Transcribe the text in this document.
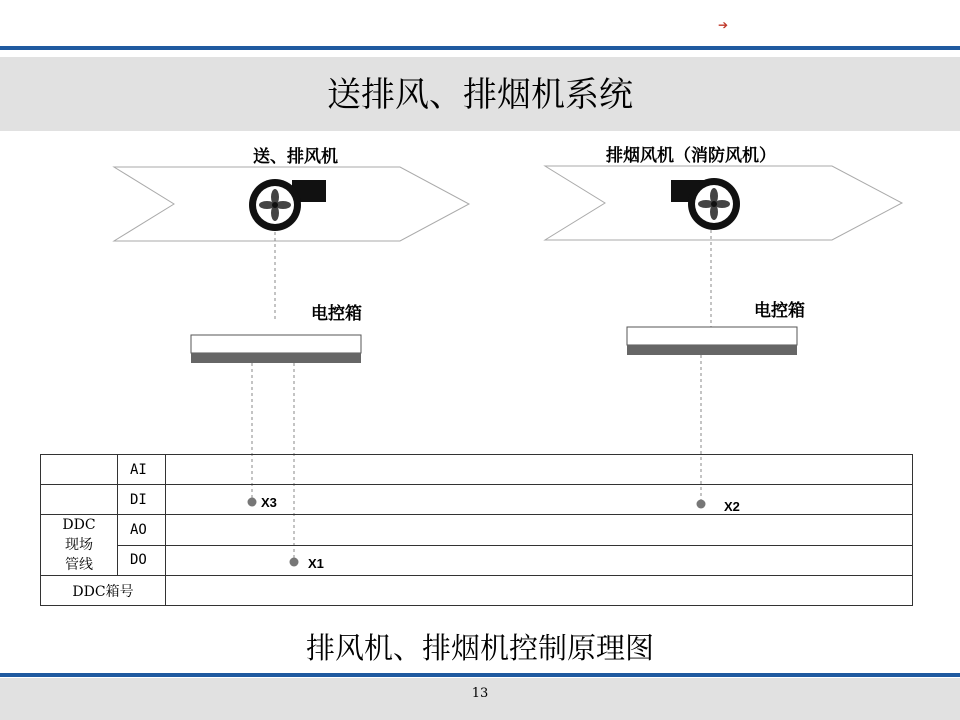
➔
送排风、排烟机系统
送、排风机	排烟风机（消防风机）
电控箱	电控箱
	AI	
	DI	
DDC
现场
管线	AO	
	DO	
DDC箱号		
X3	X2
X1
排风机、排烟机控制原理图
13
